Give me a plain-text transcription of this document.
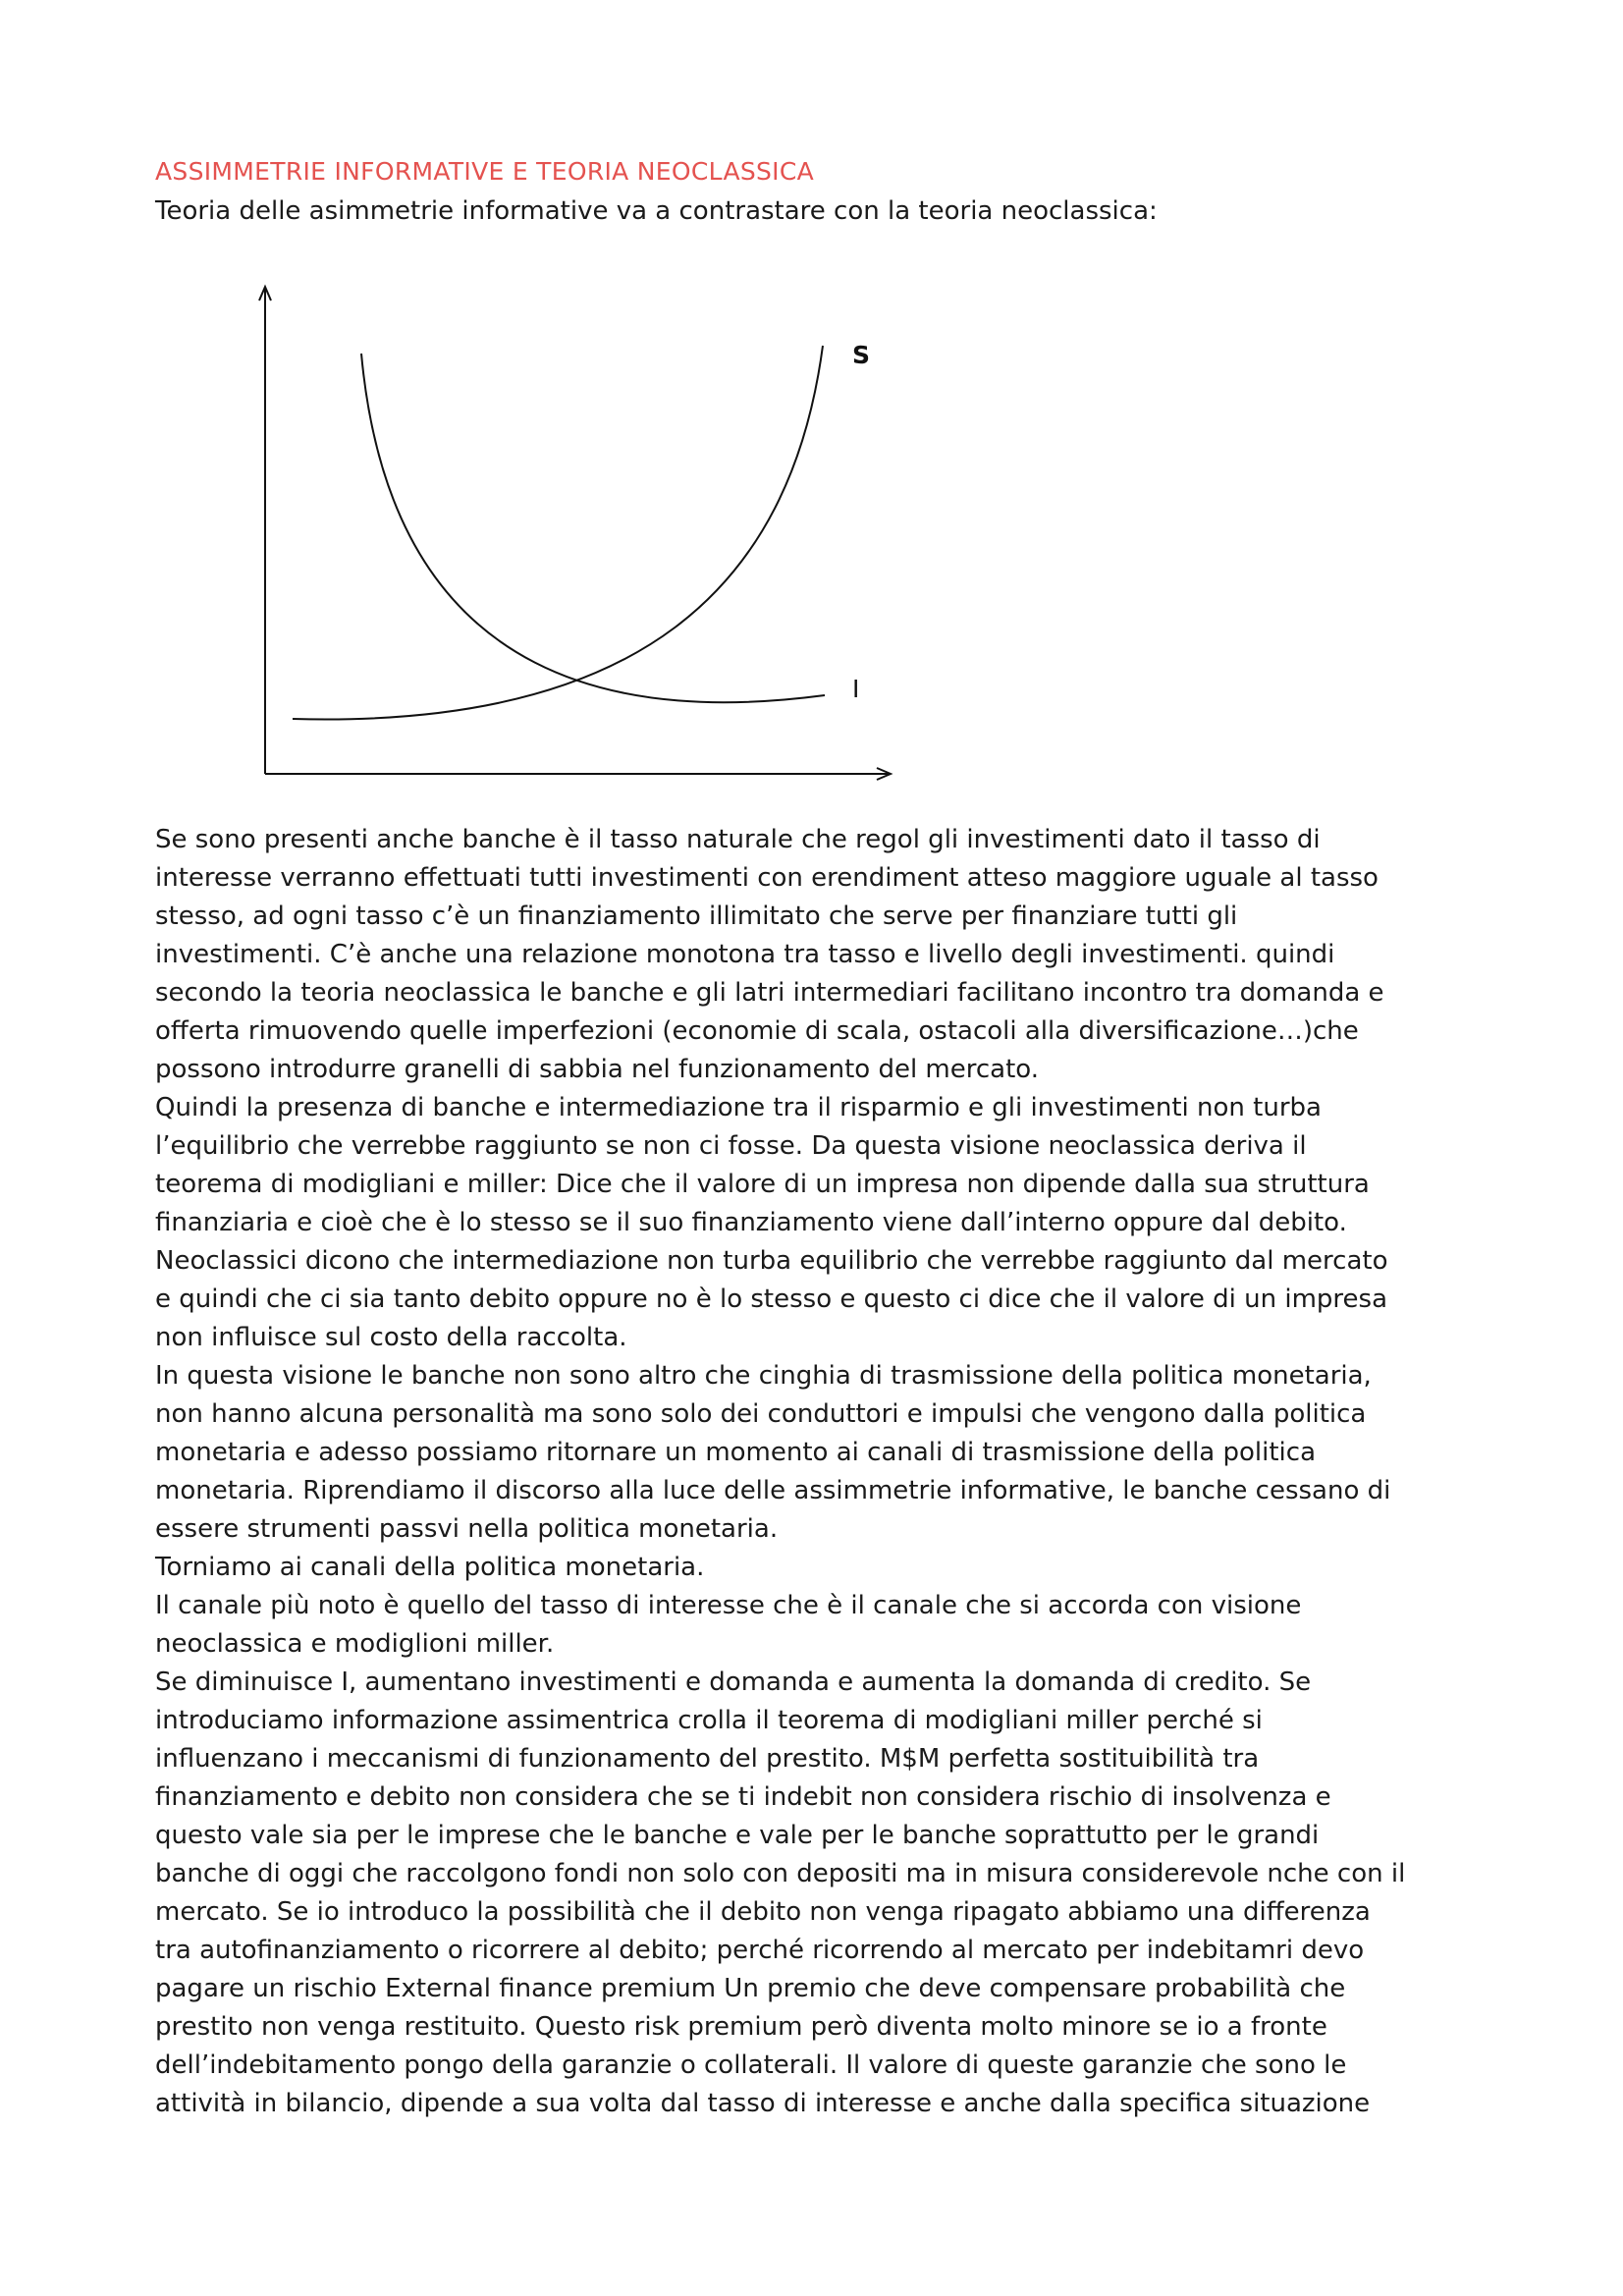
ASSIMMETRIE INFORMATIVE E TEORIA NEOCLASSICA
Teoria delle asimmetrie informative va a contrastare con la teoria neoclassica:
S
I
Se sono presenti anche banche è il tasso naturale che regol gli investimenti dato il tasso di
interesse verranno effettuati tutti investimenti con erendiment atteso maggiore uguale al tasso
stesso, ad ogni tasso c’è un finanziamento illimitato che serve per finanziare tutti gli
investimenti. C’è anche una relazione monotona tra tasso e livello degli investimenti. quindi
secondo la teoria neoclassica le banche e gli latri intermediari facilitano incontro tra domanda e
offerta rimuovendo quelle imperfezioni (economie di scala, ostacoli alla diversificazione…)che
possono introdurre granelli di sabbia nel funzionamento del mercato.
Quindi la presenza di banche e intermediazione tra il risparmio e gli investimenti non turba
l’equilibrio che verrebbe raggiunto se non ci fosse. Da questa visione neoclassica deriva il
teorema di modigliani e miller: Dice che il valore di un impresa non dipende dalla sua struttura
finanziaria e cioè che è lo stesso se il suo finanziamento viene dall’interno oppure dal debito.
Neoclassici dicono che intermediazione non turba equilibrio che verrebbe raggiunto dal mercato
e quindi che ci sia tanto debito oppure no è lo stesso e questo ci dice che il valore di un impresa
non influisce sul costo della raccolta.
In questa visione le banche non sono altro che cinghia di trasmissione della politica monetaria,
non hanno alcuna personalità ma sono solo dei conduttori e impulsi che vengono dalla politica
monetaria e adesso possiamo ritornare un momento ai canali di trasmissione della politica
monetaria. Riprendiamo il discorso alla luce delle assimmetrie informative, le banche cessano di
essere strumenti passvi nella politica monetaria.
Torniamo ai canali della politica monetaria.
Il canale più noto è quello del tasso di interesse che è il canale che si accorda con visione
neoclassica e modiglioni miller.
Se diminuisce I, aumentano investimenti e domanda e aumenta la domanda di credito. Se
introduciamo informazione assimentrica crolla il teorema di modigliani miller perché si
influenzano i meccanismi di funzionamento del prestito. M$M perfetta sostituibilità tra
finanziamento e debito non considera che se ti indebit non considera rischio di insolvenza e
questo vale sia per le imprese che le banche e vale per le banche soprattutto per le grandi
banche di oggi che raccolgono fondi non solo con depositi ma in misura considerevole nche con il
mercato. Se io introduco la possibilità che il debito non venga ripagato abbiamo una differenza
tra autofinanziamento o ricorrere al debito; perché ricorrendo al mercato per indebitamri devo
pagare un rischio External finance premium Un premio che deve compensare probabilità che
prestito non venga restituito. Questo risk premium però diventa molto minore se io a fronte
dell’indebitamento pongo della garanzie o collaterali. Il valore di queste garanzie che sono le
attività in bilancio, dipende a sua volta dal tasso di interesse e anche dalla specifica situazione
